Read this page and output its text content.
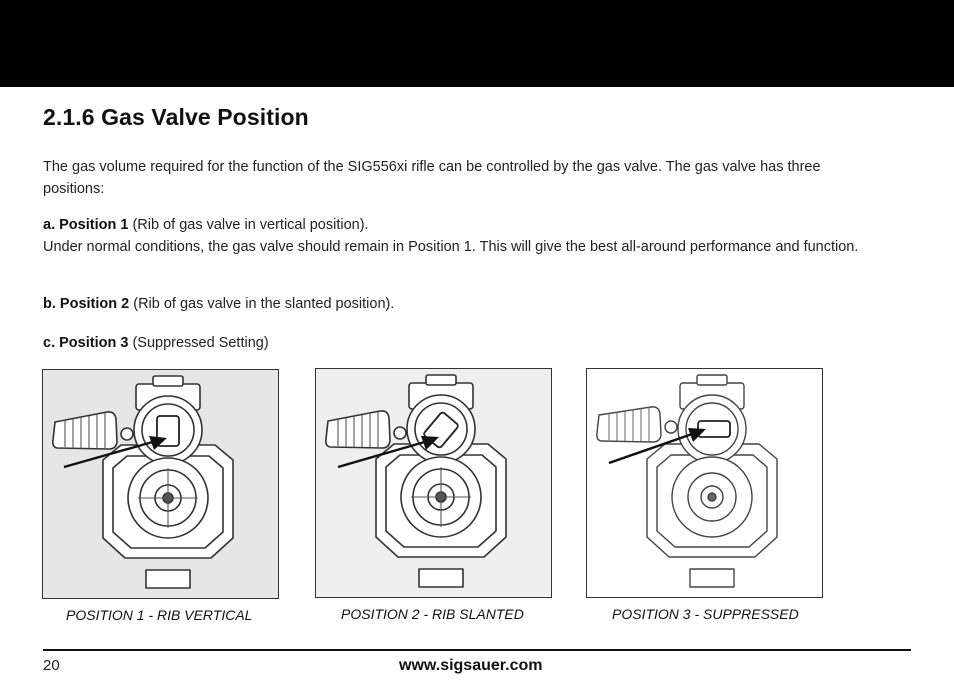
2.1.6 Gas Valve Position

The gas volume required for the function of the SIG556xi rifle can be controlled by the gas valve. The gas valve has three positions:

a. Position 1 (Rib of gas valve in vertical position).
Under normal conditions, the gas valve should remain in Position 1. This will give the best all-around performance and function.

b. Position 2 (Rib of gas valve in the slanted position).

c. Position 3 (Suppressed Setting)

POSITION 1 - RIB VERTICAL	POSITION 2 - RIB SLANTED	POSITION 3 - SUPPRESSED
20	www.sigsauer.com
